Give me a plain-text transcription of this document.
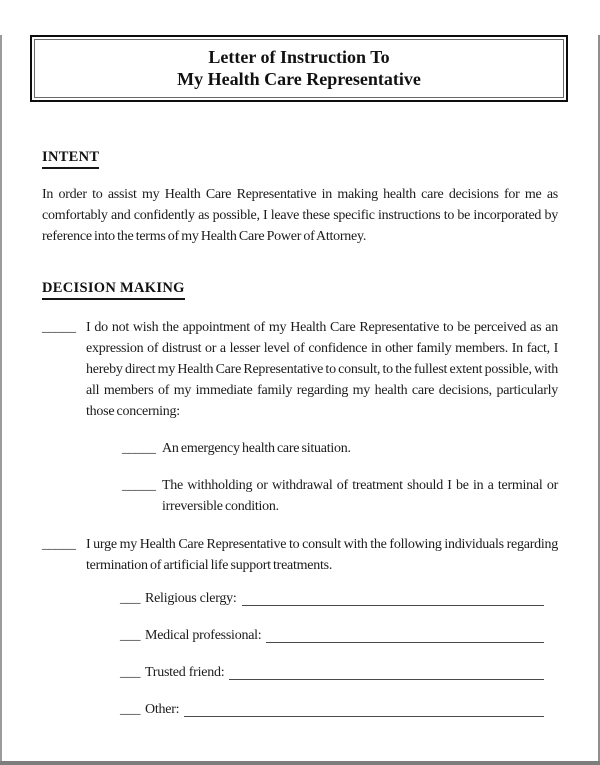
Letter of Instruction To
My Health Care Representative
INTENT
In order to assist my Health Care Representative in making health care decisions for me as comfortably and confidently as possible, I leave these specific instructions to be incorporated by reference into the terms of my Health Care Power of Attorney.
DECISION MAKING
_____ I do not wish the appointment of my Health Care Representative to be perceived as an expression of distrust or a lesser level of confidence in other family members. In fact, I hereby direct my Health Care Representative to consult, to the fullest extent possible, with all members of my immediate family regarding my health care decisions, particularly those concerning:
_____ An emergency health care situation.
_____ The withholding or withdrawal of treatment should I be in a terminal or irreversible condition.
_____ I urge my Health Care Representative to consult with the following individuals regarding termination of artificial life support treatments.
___ Religious clergy:
___ Medical professional:
___ Trusted friend:
___ Other:
